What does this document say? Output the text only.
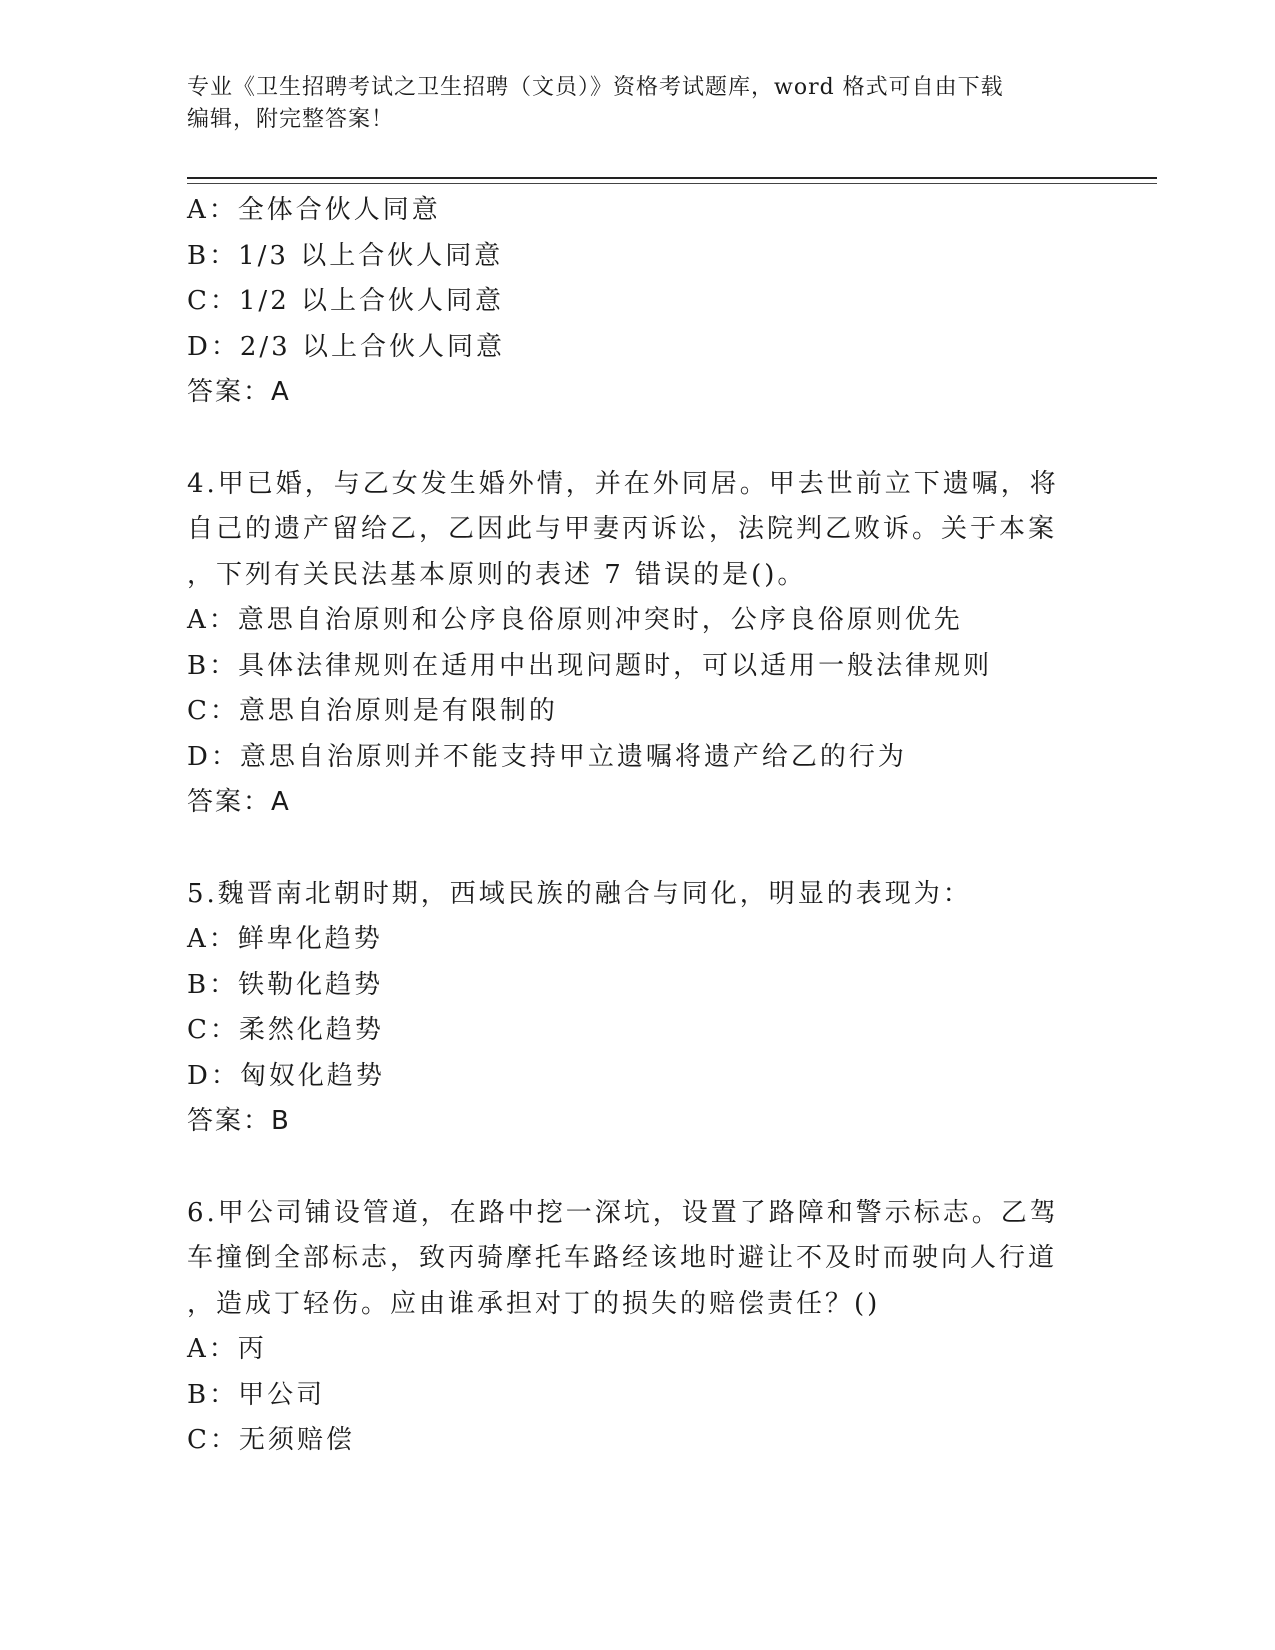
专业《卫生招聘考试之卫生招聘（文员）》资格考试题库，word 格式可自由下载
编辑，附完整答案！
A：全体合伙人同意
B：1/3 以上合伙人同意
C：1/2 以上合伙人同意
D：2/3 以上合伙人同意
答案：A
4.甲已婚，与乙女发生婚外情，并在外同居。甲去世前立下遗嘱，将
自己的遗产留给乙，乙因此与甲妻丙诉讼，法院判乙败诉。关于本案
，下列有关民法基本原则的表述 7 错误的是()。
A：意思自治原则和公序良俗原则冲突时，公序良俗原则优先
B：具体法律规则在适用中出现问题时，可以适用一般法律规则
C：意思自治原则是有限制的
D：意思自治原则并不能支持甲立遗嘱将遗产给乙的行为
答案：A
5.魏晋南北朝时期，西域民族的融合与同化，明显的表现为：
A：鲜卑化趋势
B：铁勒化趋势
C：柔然化趋势
D：匈奴化趋势
答案：B
6.甲公司铺设管道，在路中挖一深坑，设置了路障和警示标志。乙驾
车撞倒全部标志，致丙骑摩托车路经该地时避让不及时而驶向人行道
，造成丁轻伤。应由谁承担对丁的损失的赔偿责任？()
A：丙
B：甲公司
C：无须赔偿
